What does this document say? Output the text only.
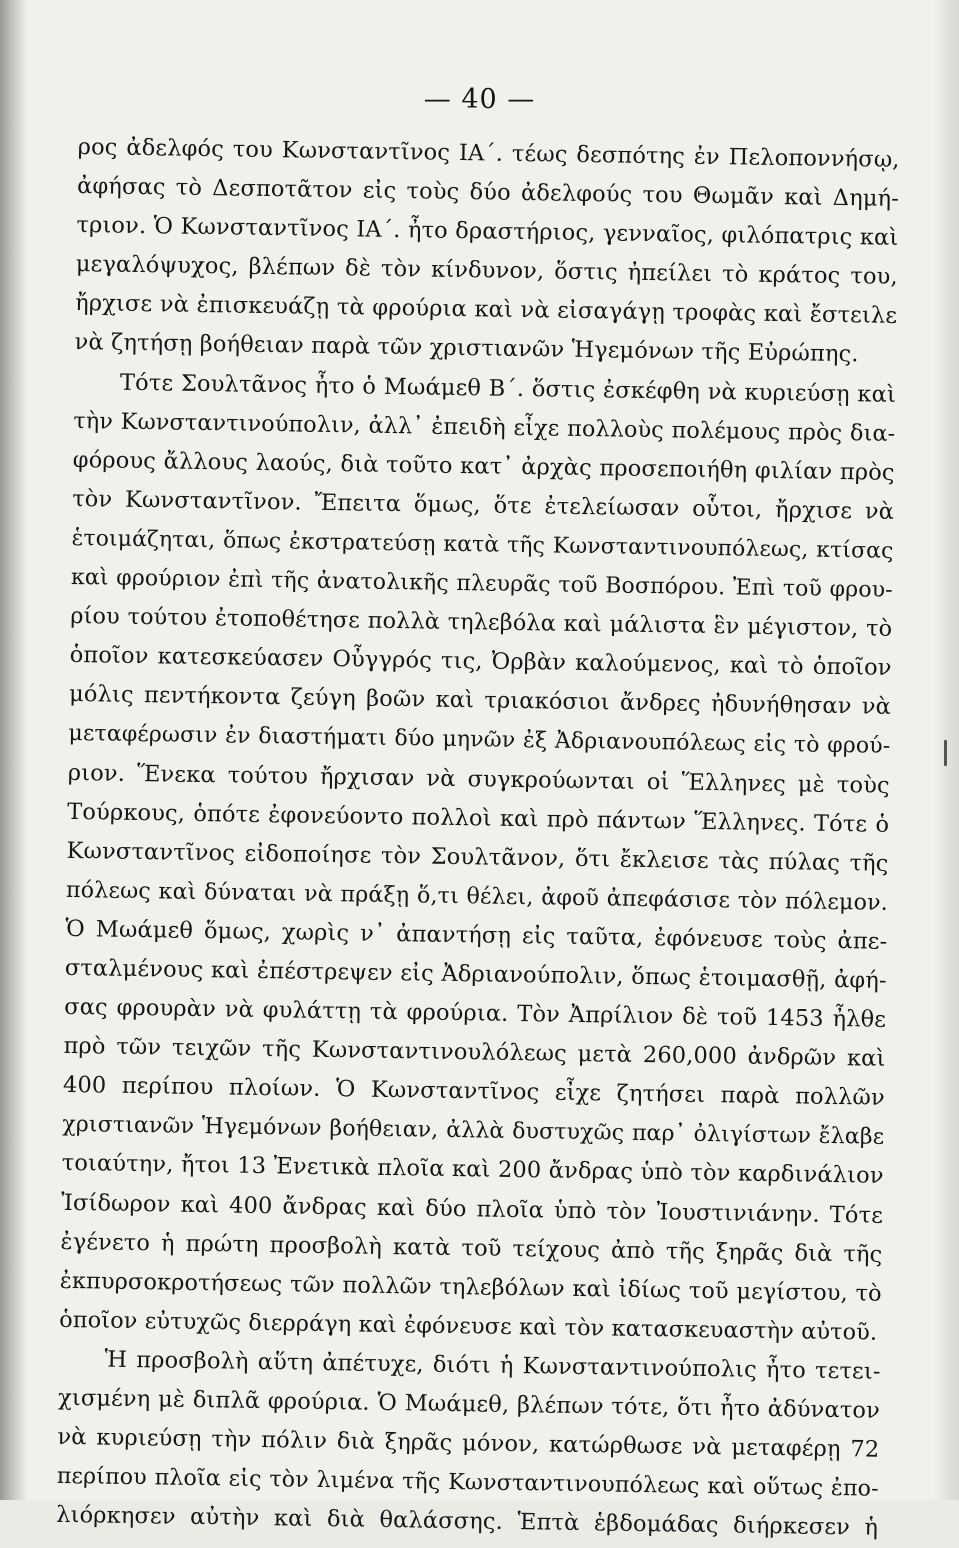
— 40 —
ρος ἀδελφός του Κωνσταντῖνος ΙΑ΄. τέως δεσπότης ἐν Πελοποννήσῳ,
ἀφήσας τὸ Δεσποτᾶτον εἰς τοὺς δύο ἀδελφούς του Θωμᾶν καὶ Δημή-
τριον. Ὁ Κωνσταντῖνος ΙΑ΄. ἦτο δραστήριος, γενναῖος, φιλόπατρις καὶ
μεγαλόψυχος, βλέπων δὲ τὸν κίνδυνον, ὅστις ἠπείλει τὸ κράτος του,
ἤρχισε νὰ ἐπισκευάζῃ τὰ φρούρια καὶ νὰ εἰσαγάγῃ τροφὰς καὶ ἔστειλε
νὰ ζητήσῃ βοήθειαν παρὰ τῶν χριστιανῶν Ἡγεμόνων τῆς Εὐρώπης.
Τότε Σουλτᾶνος ἦτο ὁ Μωάμεθ Β΄. ὅστις ἐσκέφθη νὰ κυριεύσῃ καὶ
τὴν Κωνσταντινούπολιν, ἀλλ᾽ ἐπειδὴ εἶχε πολλοὺς πολέμους πρὸς δια-
φόρους ἄλλους λαούς, διὰ τοῦτο κατ᾽ ἀρχὰς προσεποιήθη φιλίαν πρὸς
τὸν Κωνσταντῖνον. Ἔπειτα ὅμως, ὅτε ἐτελείωσαν οὗτοι, ἤρχισε νὰ
ἑτοιμάζηται, ὅπως ἐκστρατεύσῃ κατὰ τῆς Κωνσταντινουπόλεως, κτίσας
καὶ φρούριον ἐπὶ τῆς ἀνατολικῆς πλευρᾶς τοῦ Βοσπόρου. Ἐπὶ τοῦ φρου-
ρίου τούτου ἐτοποθέτησε πολλὰ τηλεβόλα καὶ μάλιστα ἓν μέγιστον, τὸ
ὁποῖον κατεσκεύασεν Οὖγγρός τις, Ὀρβὰν καλούμενος, καὶ τὸ ὁποῖον
μόλις πεντήκοντα ζεύγη βοῶν καὶ τριακόσιοι ἄνδρες ἠδυνήθησαν νὰ
μεταφέρωσιν ἐν διαστήματι δύο μηνῶν ἐξ Ἀδριανουπόλεως εἰς τὸ φρού-
ριον. Ἕνεκα τούτου ἤρχισαν νὰ συγκρούωνται οἱ Ἕλληνες μὲ τοὺς
Τούρκους, ὁπότε ἐφονεύοντο πολλοὶ καὶ πρὸ πάντων Ἕλληνες. Τότε ὁ
Κωνσταντῖνος εἰδοποίησε τὸν Σουλτᾶνον, ὅτι ἔκλεισε τὰς πύλας τῆς
πόλεως καὶ δύναται νὰ πράξῃ ὅ,τι θέλει, ἀφοῦ ἀπεφάσισε τὸν πόλεμον.
Ὁ Μωάμεθ ὅμως, χωρὶς ν᾽ ἀπαντήσῃ εἰς ταῦτα, ἐφόνευσε τοὺς ἀπε-
σταλμένους καὶ ἐπέστρεψεν εἰς Ἀδριανούπολιν, ὅπως ἑτοιμασθῇ, ἀφή-
σας φρουρὰν νὰ φυλάττῃ τὰ φρούρια. Τὸν Ἀπρίλιον δὲ τοῦ 1453 ἦλθε
πρὸ τῶν τειχῶν τῆς Κωνσταντινουλόλεως μετὰ 260,000 ἀνδρῶν καὶ
400 περίπου πλοίων. Ὁ Κωνσταντῖνος εἶχε ζητήσει παρὰ πολλῶν
χριστιανῶν Ἡγεμόνων βοήθειαν, ἀλλὰ δυστυχῶς παρ᾽ ὀλιγίστων ἔλαβε
τοιαύτην, ἤτοι 13 Ἐνετικὰ πλοῖα καὶ 200 ἄνδρας ὑπὸ τὸν καρδινάλιον
Ἰσίδωρον καὶ 400 ἄνδρας καὶ δύο πλοῖα ὑπὸ τὸν Ἰουστινιάνην. Τότε
ἐγένετο ἡ πρώτη προσβολὴ κατὰ τοῦ τείχους ἀπὸ τῆς ξηρᾶς διὰ τῆς
ἐκπυρσοκροτήσεως τῶν πολλῶν τηλεβόλων καὶ ἰδίως τοῦ μεγίστου, τὸ
ὁποῖον εὐτυχῶς διερράγη καὶ ἐφόνευσε καὶ τὸν κατασκευαστὴν αὐτοῦ.
Ἡ προσβολὴ αὕτη ἀπέτυχε, διότι ἡ Κωνσταντινούπολις ἦτο τετει-
χισμένη μὲ διπλᾶ φρούρια. Ὁ Μωάμεθ, βλέπων τότε, ὅτι ἦτο ἀδύνατον
νὰ κυριεύσῃ τὴν πόλιν διὰ ξηρᾶς μόνον, κατώρθωσε νὰ μεταφέρῃ 72
περίπου πλοῖα εἰς τὸν λιμένα τῆς Κωνσταντινουπόλεως καὶ οὕτως ἐπο-
λιόρκησεν αὐτὴν καὶ διὰ θαλάσσης. Ἑπτὰ ἑβδομάδας διήρκεσεν ἡ
